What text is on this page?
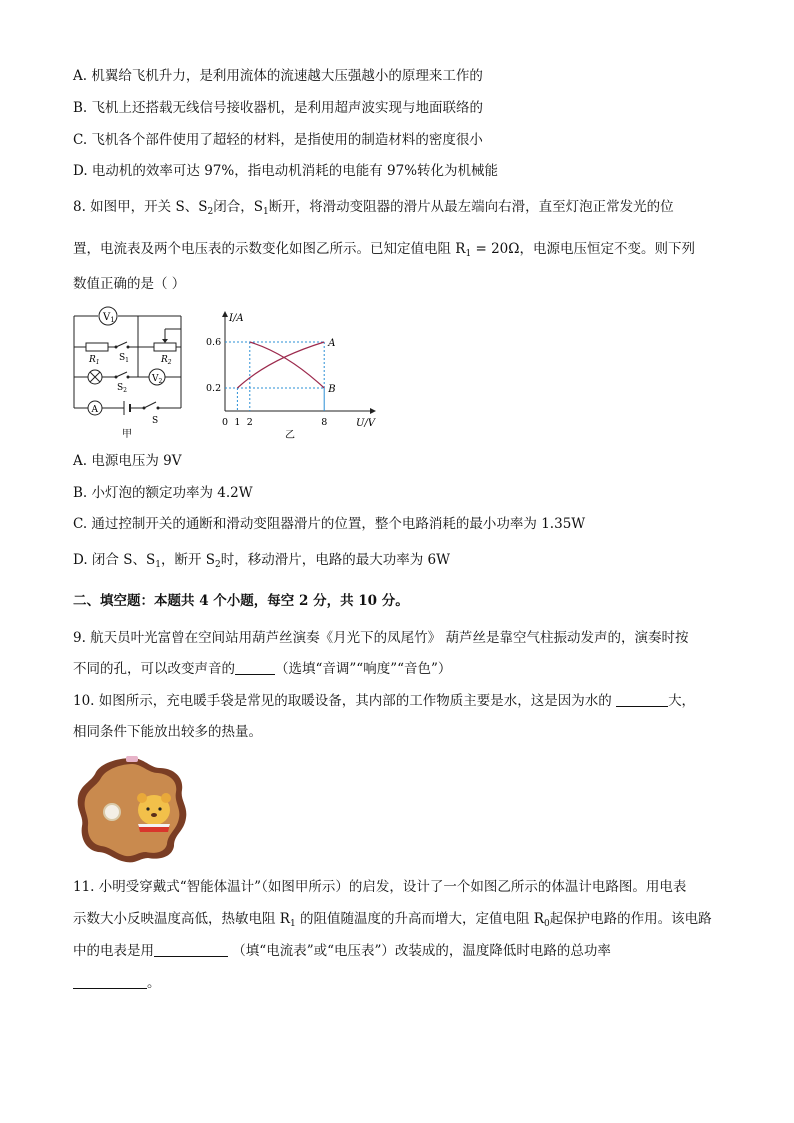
A. 机翼给飞机升力，是利用流体的流速越大压强越小的原理来工作的
B. 飞机上还搭载无线信号接收器机，是利用超声波实现与地面联络的
C. 飞机各个部件使用了超轻的材料，是指使用的制造材料的密度很小
D. 电动机的效率可达 97%，指电动机消耗的电能有 97%转化为机械能
8. 如图甲，开关 S、$S_2$闭合，$S_1$断开，将滑动变阻器的滑片从最左端向右滑，直至灯泡正常发光的位
置，电流表及两个电压表的示数变化如图乙所示。已知定值电阻 $R_1 = 20\Omega$，电源电压恒定不变。则下列
数值正确的是（ ）
$V_1$
$R_1$ $S_1$	$R_2$
$S_2$
$V_2$
A
S
甲
I/A
U/V
A
B
0 1 2	8
0.2
0.6
乙
A. 电源电压为 9V
B. 小灯泡的额定功率为 4.2W
C. 通过控制开关的通断和滑动变阻器滑片的位置，整个电路消耗的最小功率为 1.35W
D. 闭合 S、$S_1$，断开 $S_2$时，移动滑片，电路的最大功率为 6W
二、填空题：本题共 4 个小题，每空 2 分，共 10 分。
9. 航天员叶光富曾在空间站用葫芦丝演奏《月光下的凤尾竹》 葫芦丝是靠空气柱振动发声的，演奏时按
不同的孔，可以改变声音的	（选填“音调”“响度”“音色”）
10. 如图所示，充电暖手袋是常见的取暖设备，其内部的工作物质主要是水，这是因为水的	大，
相同条件下能放出较多的热量。
11. 小明受穿戴式“智能体温计”（如图甲所示）的启发，设计了一个如图乙所示的体温计电路图。用电表
示数大小反映温度高低，热敏电阻 $R_1$ 的阻值随温度的升高而增大，定值电阻 $R_0$起保护电路的作用。该电路
中的电表是用	（填“电流表”或“电压表”）改装成的，温度降低时电路的总功率
。
